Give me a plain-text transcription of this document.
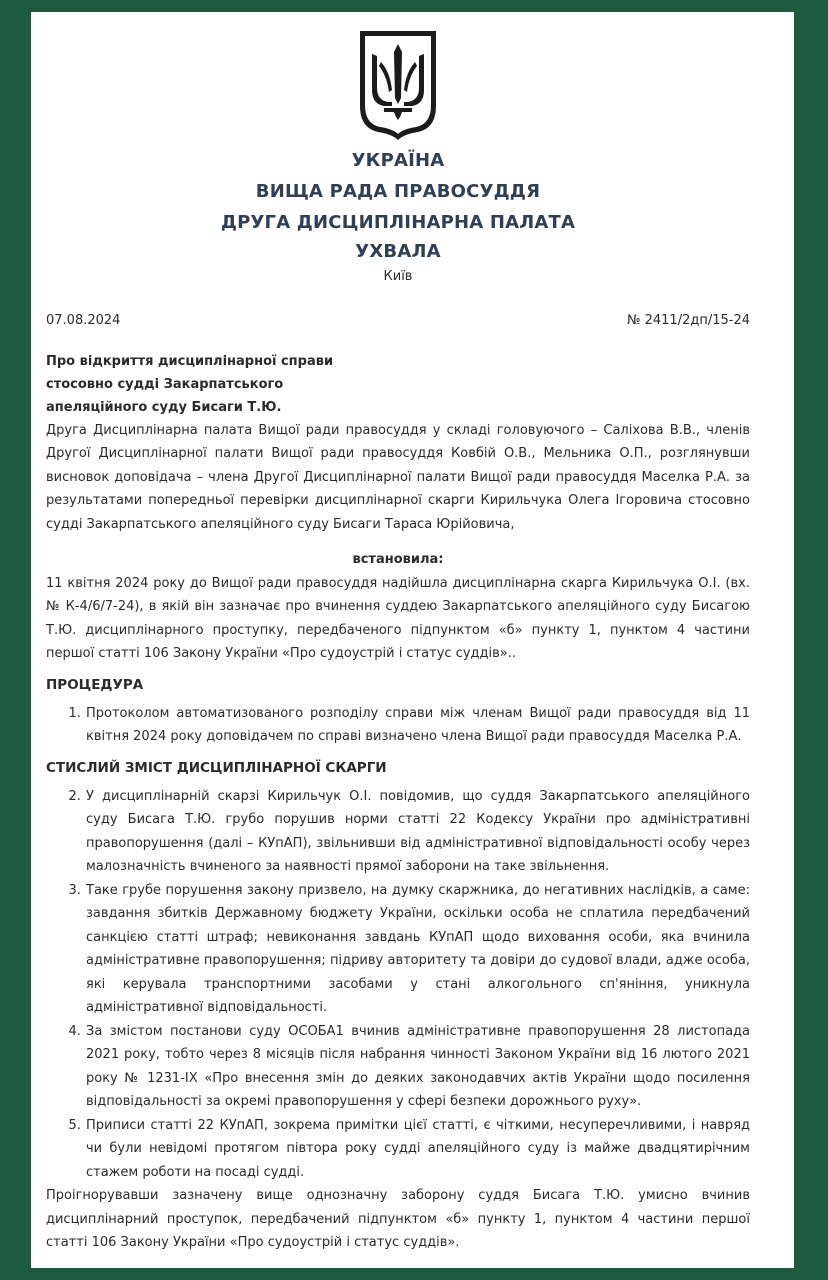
УКРАЇНА
ВИЩА РАДА ПРАВОСУДДЯ
ДРУГА ДИСЦИПЛІНАРНА ПАЛАТА
УХВАЛА
Київ
07.08.2024	№ 2411/2дп/15-24
Про відкриття дисциплінарної справи стосовно судді Закарпатського апеляційного суду Бисаги Т.Ю.

Друга Дисциплінарна палата Вищої ради правосуддя у складі головуючого – Саліхова В.В., членів Другої Дисциплінарної палати Вищої ради правосуддя Ковбій О.В., Мельника О.П., розглянувши висновок доповідача – члена Другої Дисциплінарної палати Вищої ради правосуддя Маселка Р.А. за результатами попередньої перевірки дисциплінарної скарги Кирильчука Олега Ігоровича стосовно судді Закарпатського апеляційного суду Бисаги Тараса Юрійовича,

встановила:

11 квітня 2024 року до Вищої ради правосуддя надійшла дисциплінарна скарга Кирильчука О.І. (вх. № К-4/6/7-24), в якій він зазначає про вчинення суддею Закарпатського апеляційного суду Бисагою Т.Ю. дисциплінарного проступку, передбаченого підпунктом «б» пункту 1, пунктом 4 частини першої статті 106 Закону України «Про судоустрій і статус суддів»..

ПРОЦЕДУРА
1. Протоколом автоматизованого розподілу справи між членам Вищої ради правосуддя від 11 квітня 2024 року доповідачем по справі визначено члена Вищої ради правосуддя Маселка Р.А.
СТИСЛИЙ ЗМІСТ ДИСЦИПЛІНАРНОЇ СКАРГИ
2. У дисциплінарній скарзі Кирильчук О.І. повідомив, що суддя Закарпатського апеляційного суду Бисага Т.Ю. грубо порушив норми статті 22 Кодексу України про адміністративні правопорушення (далі – КУпАП), звільнивши від адміністративної відповідальності особу через малозначність вчиненого за наявності прямої заборони на таке звільнення.
3. Таке грубе порушення закону призвело, на думку скаржника, до негативних наслідків, а саме: завдання збитків Державному бюджету України, оскільки особа не сплатила передбачений санкцією статті штраф; невиконання завдань КУпАП щодо виховання особи, яка вчинила адміністративне правопорушення; підриву авторитету та довіри до судової влади, адже особа, які керувала транспортними засобами у стані алкогольного сп'яніння, уникнула адміністративної відповідальності.
4. За змістом постанови суду ОСОБА1 вчинив адміністративне правопорушення 28 листопада 2021 року, тобто через 8 місяців після набрання чинності Законом України від 16 лютого 2021 року № 1231-IX «Про внесення змін до деяких законодавчих актів України щодо посилення відповідальності за окремі правопорушення у сфері безпеки дорожнього руху».
5. Приписи статті 22 КУпАП, зокрема примітки цієї статті, є чіткими, несуперечливими, і навряд чи були невідомі протягом півтора року судді апеляційного суду із майже двадцятирічним стажем роботи на посаді судді.

Проігнорувавши зазначену вище однозначну заборону суддя Бисага Т.Ю. умисно вчинив дисциплінарний проступок, передбачений підпунктом «б» пункту 1, пунктом 4 частини першої статті 106 Закону України «Про судоустрій і статус суддів».
